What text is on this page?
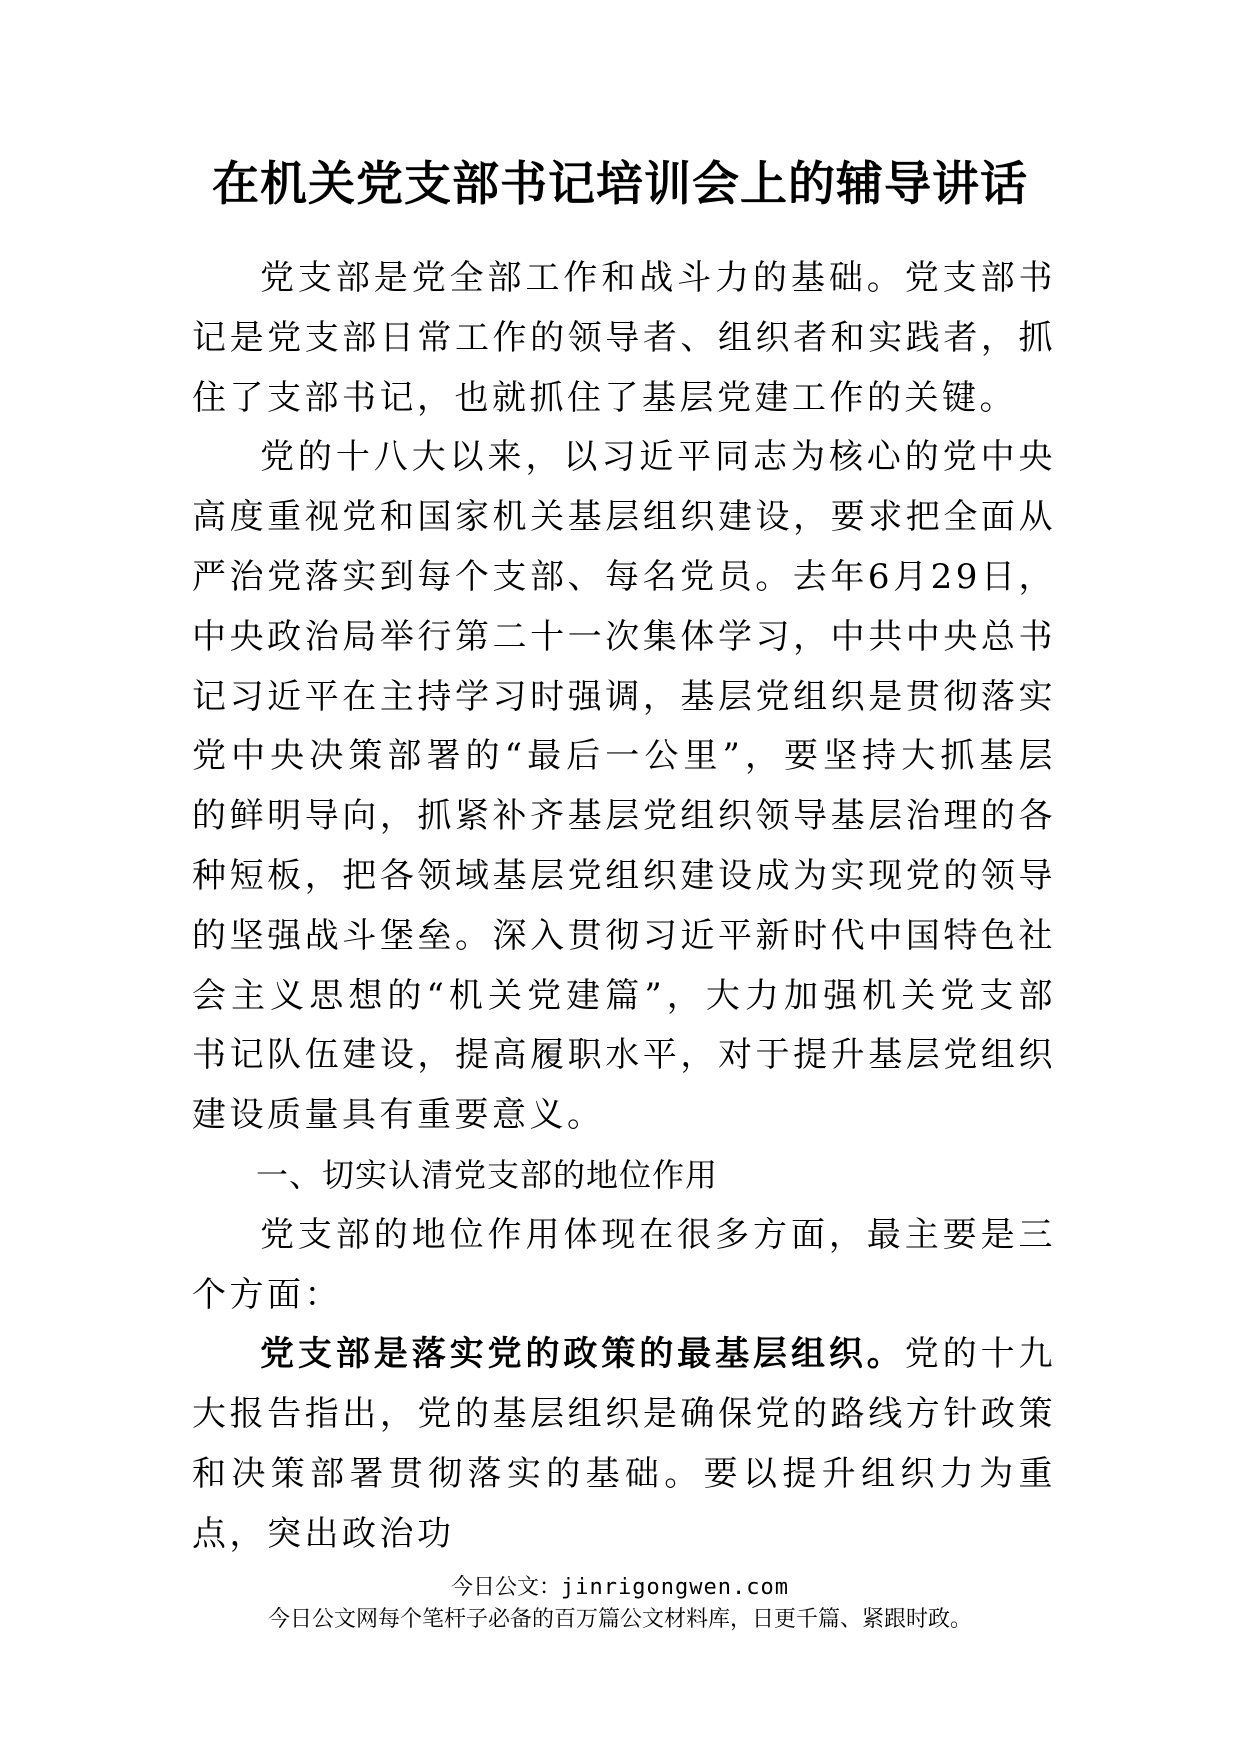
在机关党支部书记培训会上的辅导讲话

党支部是党全部工作和战斗力的基础。党支部书记是党支部日常工作的领导者、组织者和实践者，抓住了支部书记，也就抓住了基层党建工作的关键。

党的十八大以来，以习近平同志为核心的党中央高度重视党和国家机关基层组织建设，要求把全面从严治党落实到每个支部、每名党员。去年6月29日，中央政治局举行第二十一次集体学习，中共中央总书记习近平在主持学习时强调，基层党组织是贯彻落实党中央决策部署的“最后一公里”，要坚持大抓基层的鲜明导向，抓紧补齐基层党组织领导基层治理的各种短板，把各领域基层党组织建设成为实现党的领导的坚强战斗堡垒。深入贯彻习近平新时代中国特色社会主义思想的“机关党建篇”，大力加强机关党支部书记队伍建设，提高履职水平，对于提升基层党组织建设质量具有重要意义。

一、切实认清党支部的地位作用

党支部的地位作用体现在很多方面，最主要是三个方面：

党支部是落实党的政策的最基层组织。党的十九大报告指出，党的基层组织是确保党的路线方针政策和决策部署贯彻落实的基础。要以提升组织力为重点，突出政治功

今日公文：jinrigongwen.com
今日公文网每个笔杆子必备的百万篇公文材料库，日更千篇、紧跟时政。
